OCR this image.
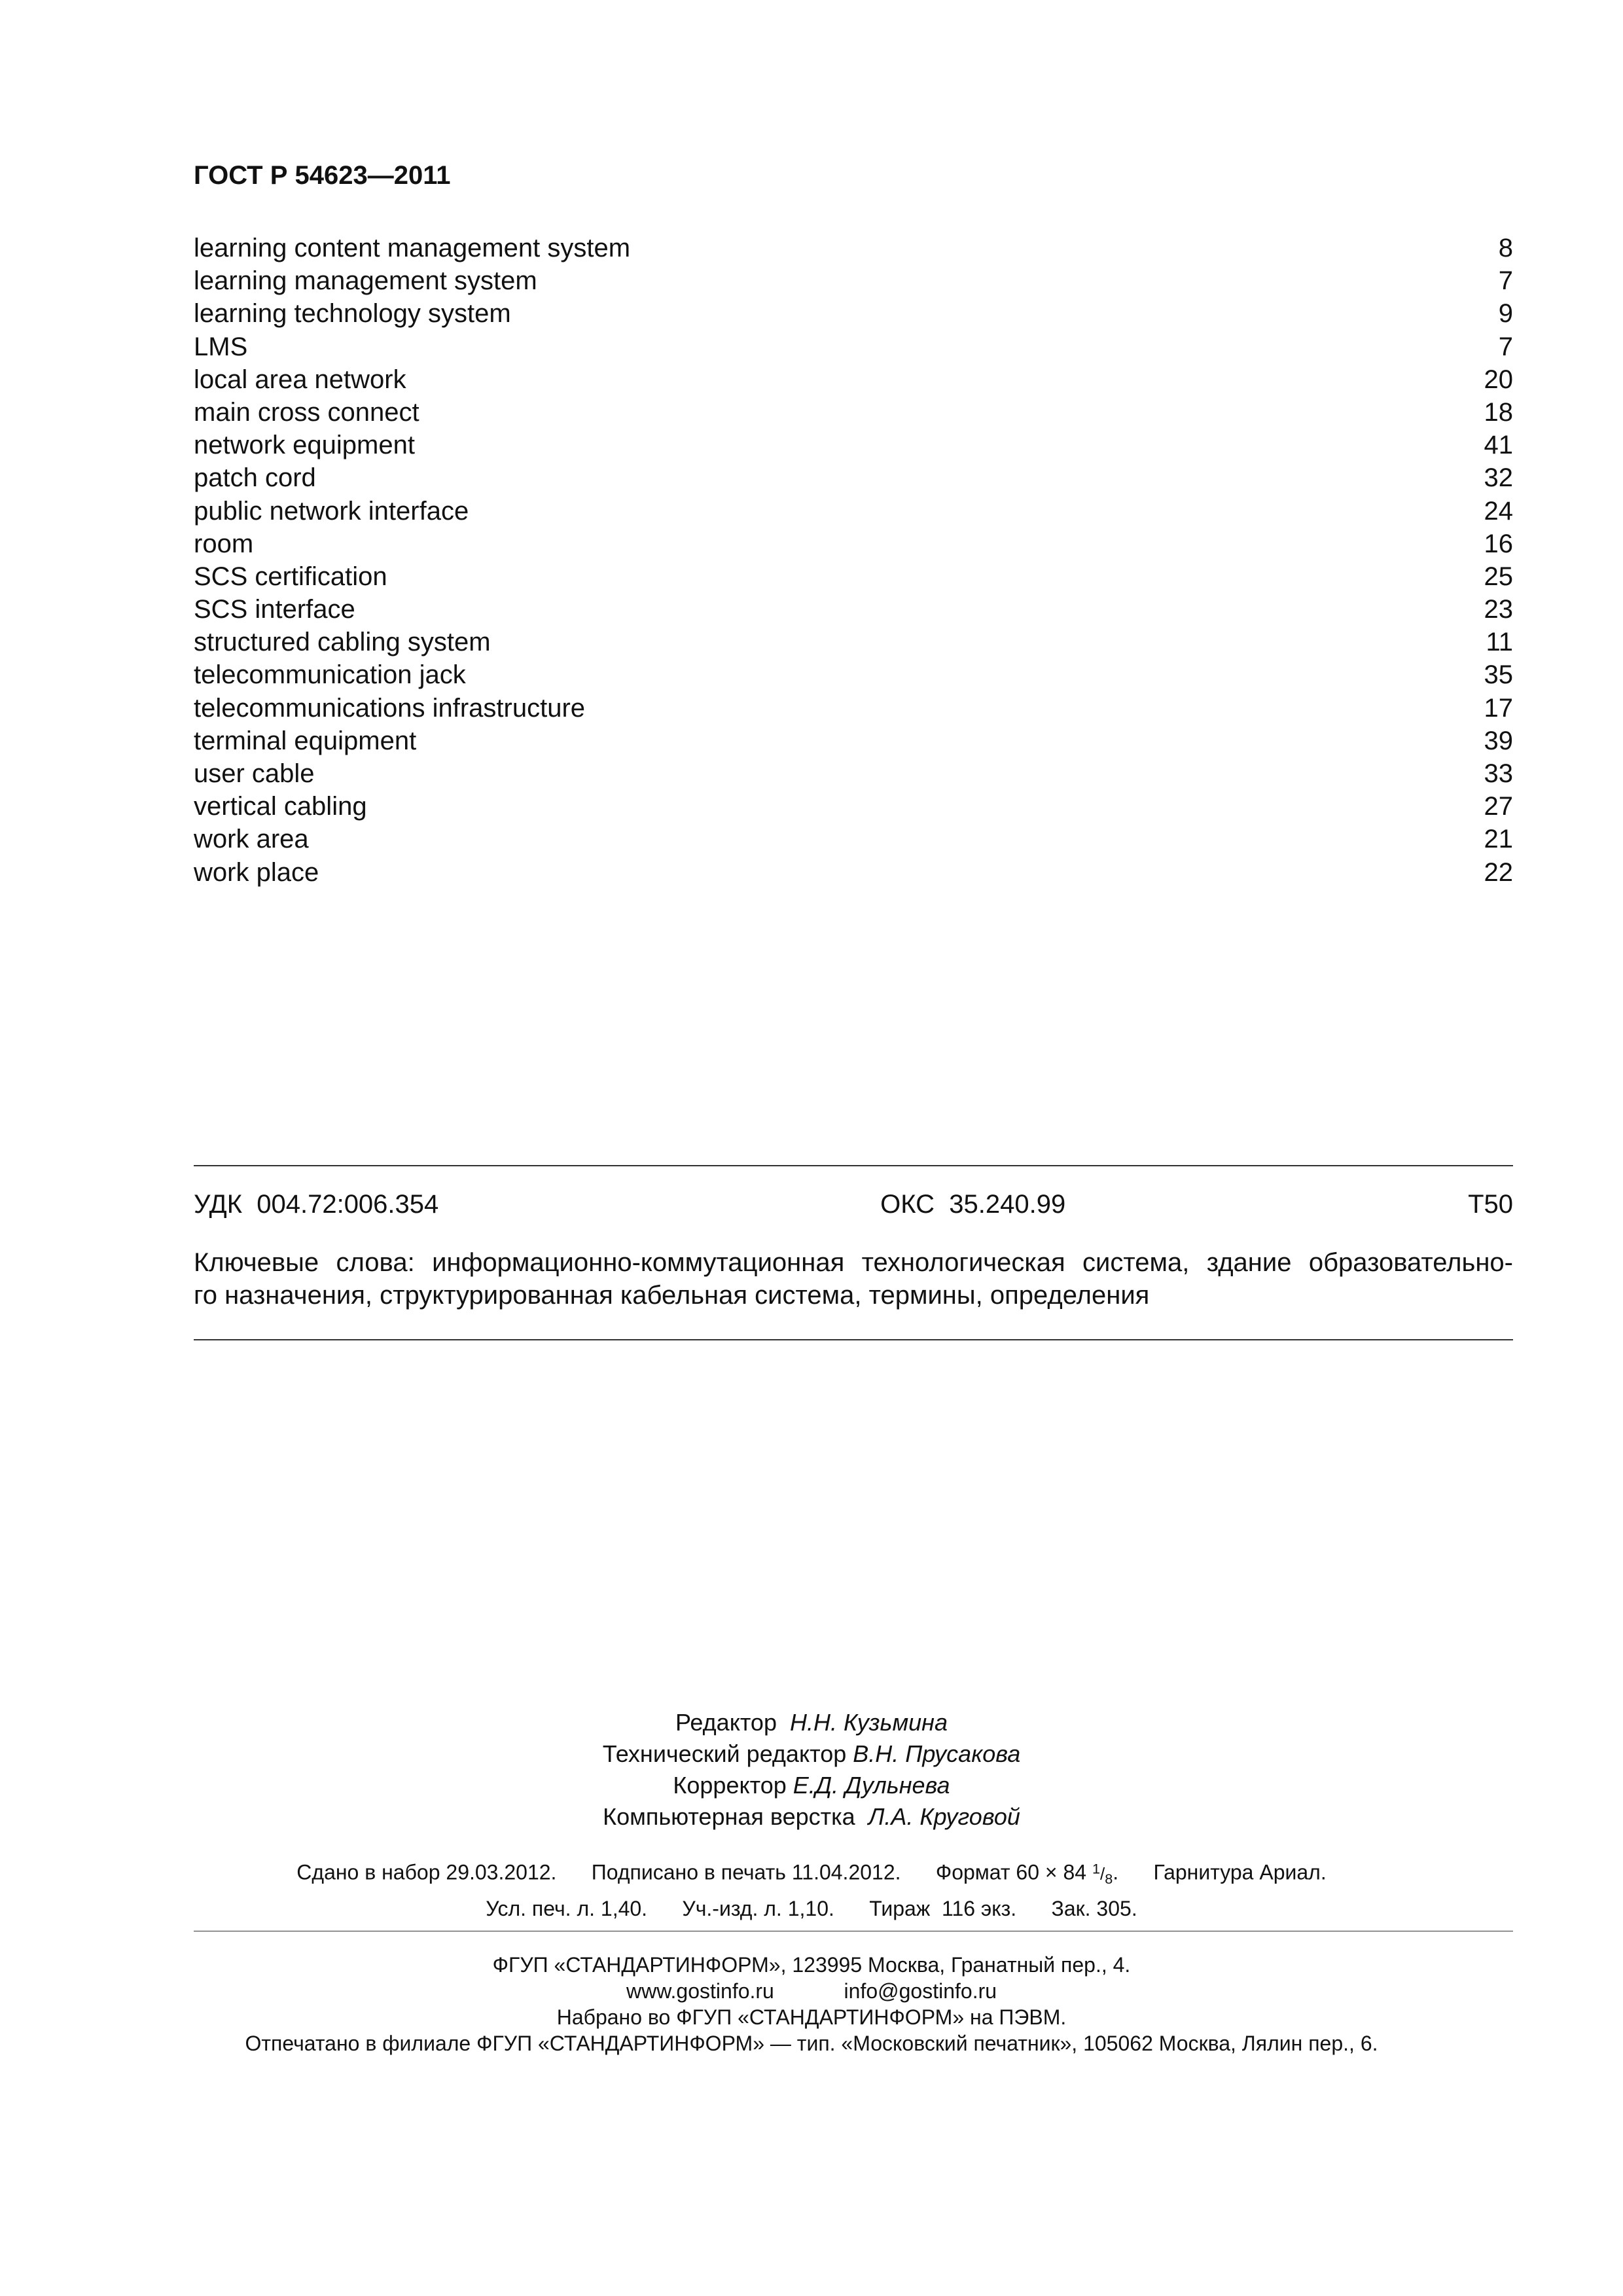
ГОСТ Р 54623—2011
learning content management system	8
learning management system	7
learning technology system	9
LMS	7
local area network	20
main cross connect	18
network equipment	41
patch cord	32
public network interface	24
room	16
SCS certification	25
SCS interface	23
structured cabling system	11
telecommunication jack	35
telecommunications infrastructure	17
terminal equipment	39
user cable	33
vertical cabling	27
work area	21
work place	22
УДК  004.72:006.354	ОКС  35.240.99	Т50
Ключевые слова: информационно-коммутационная технологическая система, здание образовательно-
го назначения, структурированная кабельная система, термины, определения
Редактор Н.Н. Кузьмина
Технический редактор В.Н. Прусакова
Корректор Е.Д. Дульнева
Компьютерная верстка Л.А. Круговой
Сдано в набор 29.03.2012. Подписано в печать 11.04.2012. Формат 60 × 84 $^1/_8$.      Гарнитура Ариал.
Усл. печ. л. 1,40. Уч.-изд. л. 1,10. Тираж  116 экз. Зак. 305.
ФГУП «СТАНДАРТИНФОРМ», 123995 Москва, Гранатный пер., 4.
www.gostinfo.ru	info@gostinfo.ru
Набрано во ФГУП «СТАНДАРТИНФОРМ» на ПЭВМ.
Отпечатано в филиале ФГУП «СТАНДАРТИНФОРМ» — тип. «Московский печатник», 105062 Москва, Лялин пер., 6.
